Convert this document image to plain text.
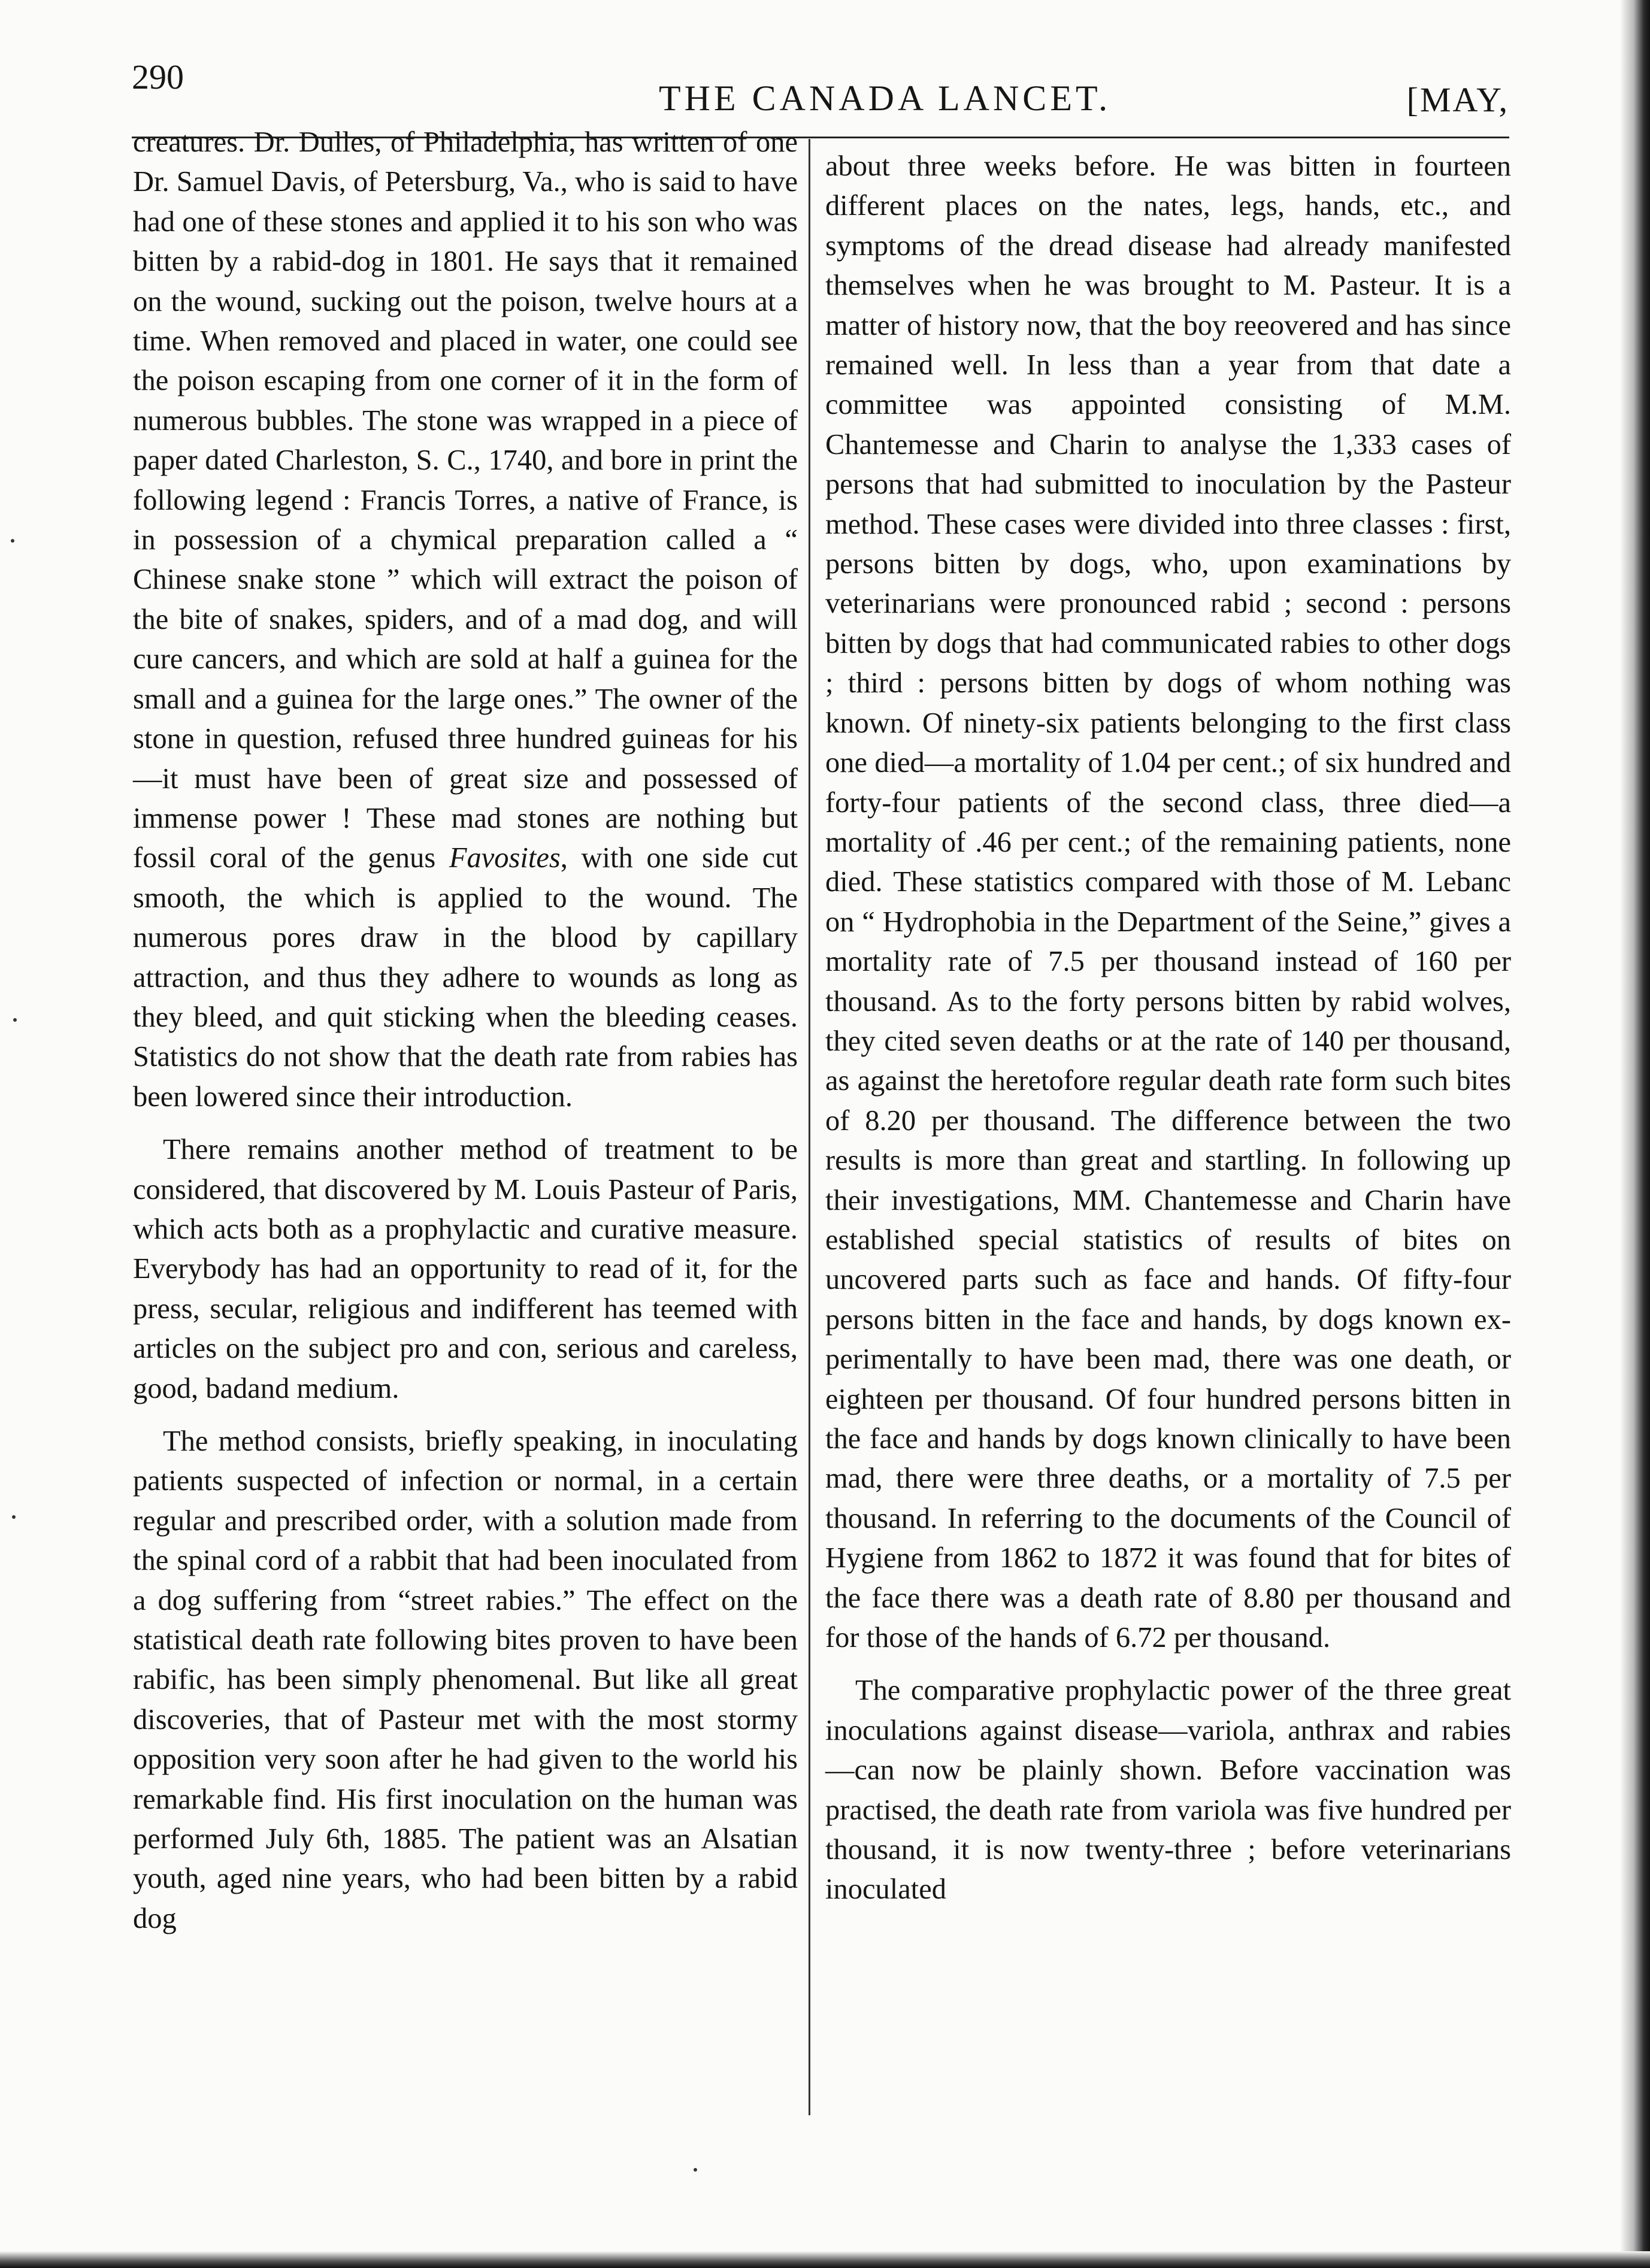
290
THE CANADA LANCET.	[MAY,

creatures. Dr. Dulles, of Philadelphia, has written of one Dr. Samuel Davis, of Petersburg, Va., who is said to have had one of these stones and applied it to his son who was bitten by a rabid-dog in 1801. He says that it remained on the wound, sucking out the poison, twelve hours at a time. When removed and placed in water, one could see the poison escaping from one corner of it in the form of numerous bubbles. The stone was wrapped in a piece of paper dated Charleston, S. C., 1740, and bore in print the following legend : Francis Torres, a native of France, is in possession of a chymical preparation called a “ Chinese snake stone ” which will extract the poison of the bite of snakes, spiders, and of a mad dog, and will cure cancers, and which are sold at half a guinea for the small and a guinea for the large ones.” The owner of the stone in question, refused three hundred guineas for his—it must have been of great size and possessed of immense power ! These mad stones are nothing but fossil coral of the genus Favosites, with one side cut smooth, the which is applied to the wound. The numerous pores draw in the blood by capillary attraction, and thus they adhere to wounds as long as they bleed, and quit sticking when the bleeding ceases. Statistics do not show that the death rate from rabies has been lowered since their introduction.

There remains another method of treatment to be considered, that discovered by M. Louis Pasteur of Paris, which acts both as a prophylactic and curative measure. Everybody has had an opportunity to read of it, for the press, secular, religious and indifferent has teemed with articles on the subject pro and con, serious and careless, good, badand medium.

The method consists, briefly speaking, in inoculating patients suspected of infection or normal, in a certain regular and prescribed order, with a solution made from the spinal cord of a rabbit that had been inoculated from a dog suffering from “street rabies.” The effect on the statistical death rate following bites proven to have been rabific, has been simply phenomenal. But like all great discoveries, that of Pasteur met with the most stormy opposition very soon after he had given to the world his remarkable find. His first inoculation on the human was performed July 6th, 1885. The patient was an Alsatian youth, aged nine years, who had been bitten by a rabid dog

about three weeks before. He was bitten in fourteen different places on the nates, legs, hands, etc., and symptoms of the dread disease had already manifested themselves when he was brought to M. Pasteur. It is a matter of history now, that the boy reeovered and has since remained well. In less than a year from that date a committee was appointed consisting of M.M. Chantemesse and Charin to analyse the 1,333 cases of persons that had submitted to inoculation by the Pasteur method. These cases were divided into three classes : first, persons bitten by dogs, who, upon examinations by veterinarians were pronounced rabid ; second : persons bitten by dogs that had communicated rabies to other dogs ; third : persons bitten by dogs of whom nothing was known. Of ninety-six patients belonging to the first class one died—a mortality of 1.04 per cent.; of six hundred and forty-four patients of the second class, three died—a mortality of .46 per cent.; of the remaining patients, none died. These statistics compared with those of M. Lebanc on “ Hydrophobia in the Department of the Seine,” gives a mortality rate of 7.5 per thousand instead of 160 per thousand. As to the forty persons bitten by rabid wolves, they cited seven deaths or at the rate of 140 per thousand, as against the heretofore regular death rate form such bites of 8.20 per thousand. The difference between the two results is more than great and startling. In following up their investigations, MM. Chantemesse and Charin have established special statistics of results of bites on uncovered parts such as face and hands. Of fifty-four persons bitten in the face and hands, by dogs known experimentally to have been mad, there was one death, or eighteen per thousand. Of four hundred persons bitten in the face and hands by dogs known clinically to have been mad, there were three deaths, or a mortality of 7.5 per thousand. In referring to the documents of the Council of Hygiene from 1862 to 1872 it was found that for bites of the face there was a death rate of 8.80 per thousand and for those of the hands of 6.72 per thousand.

The comparative prophylactic power of the three great inoculations against disease—variola, anthrax and rabies—can now be plainly shown. Before vaccination was practised, the death rate from variola was five hundred per thousand, it is now twenty-three ; before veterinarians inoculated
